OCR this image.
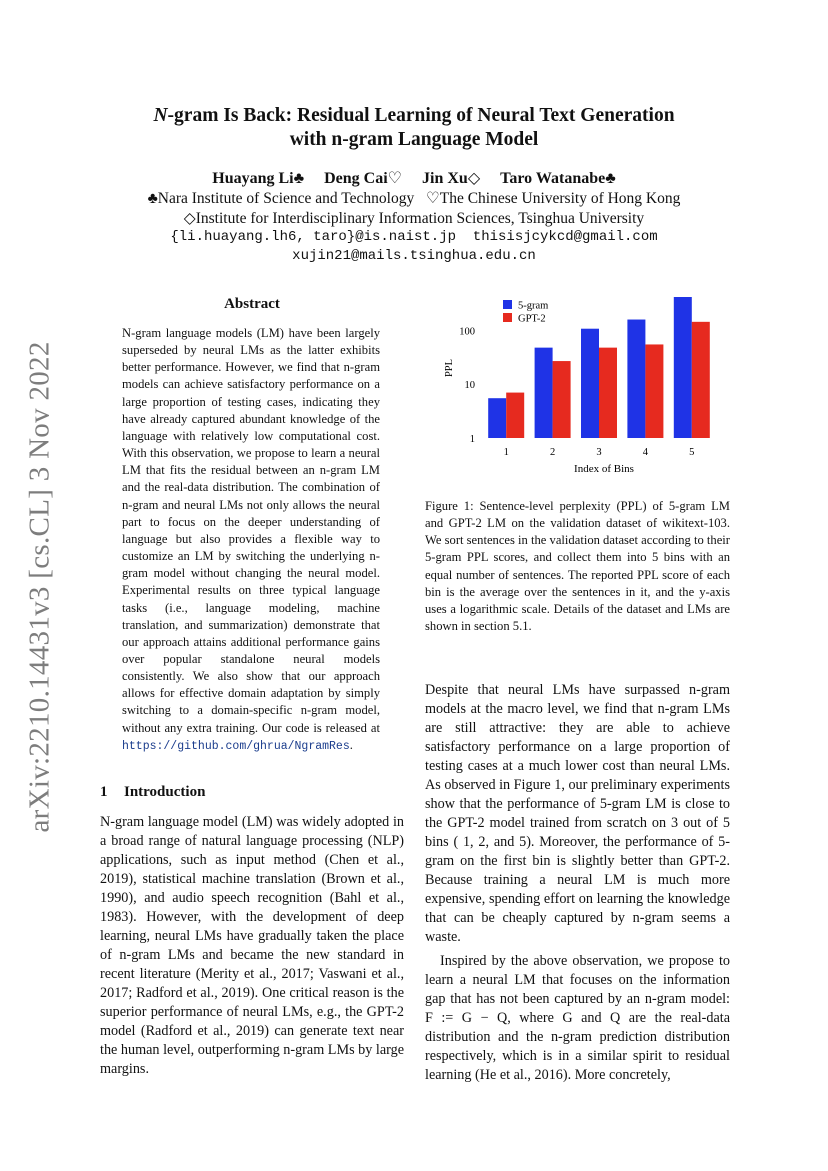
arXiv:2210.14431v3 [cs.CL] 3 Nov 2022
N-gram Is Back: Residual Learning of Neural Text Generation
with n-gram Language Model
Huayang Li♣ Deng Cai♡ Jin Xu◇ Taro Watanabe♣
♣Nara Institute of Science and Technology   ♡The Chinese University of Hong Kong
◇Institute for Interdisciplinary Information Sciences, Tsinghua University
{li.huayang.lh6, taro}@is.naist.jp  thisisjcykcd@gmail.com
xujin21@mails.tsinghua.edu.cn
Abstract
N-gram language models (LM) have been largely superseded by neural LMs as the latter exhibits better performance. However, we find that n-gram models can achieve satisfactory performance on a large proportion of testing cases, indicating they have already captured abundant knowledge of the language with relatively low computational cost. With this observation, we propose to learn a neural LM that fits the residual between an n-gram LM and the real-data distribution. The combination of n-gram and neural LMs not only allows the neural part to focus on the deeper understanding of language but also provides a flexible way to customize an LM by switching the underlying n-gram model without changing the neural model. Experimental results on three typical language tasks (i.e., language modeling, machine translation, and summarization) demonstrate that our approach attains additional performance gains over popular standalone neural models consistently. We also show that our approach allows for effective domain adaptation by simply switching to a domain-specific n-gram model, without any extra training. Our code is released at https://github.com/ghrua/NgramRes.
1 Introduction

N-gram language model (LM) was widely adopted in a broad range of natural language processing (NLP) applications, such as input method (Chen et al., 2019), statistical machine translation (Brown et al., 1990), and audio speech recognition (Bahl et al., 1983). However, with the development of deep learning, neural LMs have gradually taken the place of n-gram LMs and became the new standard in recent literature (Merity et al., 2017; Vaswani et al., 2017; Radford et al., 2019). One critical reason is the superior performance of neural LMs, e.g., the GPT-2 model (Radford et al., 2019) can generate text near the human level, outperforming n-gram LMs by large margins.

1	2	3	4	5
1
10
100
PPL
Index of Bins
5-gram
GPT-2
Figure 1: Sentence-level perplexity (PPL) of 5-gram LM and GPT-2 LM on the validation dataset of wikitext-103. We sort sentences in the validation dataset according to their 5-gram PPL scores, and collect them into 5 bins with an equal number of sentences. The reported PPL score of each bin is the average over the sentences in it, and the y-axis uses a logarithmic scale. Details of the dataset and LMs are shown in section 5.1.

Despite that neural LMs have surpassed n-gram models at the macro level, we find that n-gram LMs are still attractive: they are able to achieve satisfactory performance on a large proportion of testing cases at a much lower cost than neural LMs. As observed in Figure 1, our preliminary experiments show that the performance of 5-gram LM is close to the GPT-2 model trained from scratch on 3 out of 5 bins ( 1, 2, and 5). Moreover, the performance of 5-gram on the first bin is slightly better than GPT-2. Because training a neural LM is much more expensive, spending effort on learning the knowledge that can be cheaply captured by n-gram seems a waste.

Inspired by the above observation, we propose to learn a neural LM that focuses on the information gap that has not been captured by an n-gram model: F := G − Q, where G and Q are the real-data distribution and the n-gram prediction distribution respectively, which is in a similar spirit to residual learning (He et al., 2016). More concretely,
